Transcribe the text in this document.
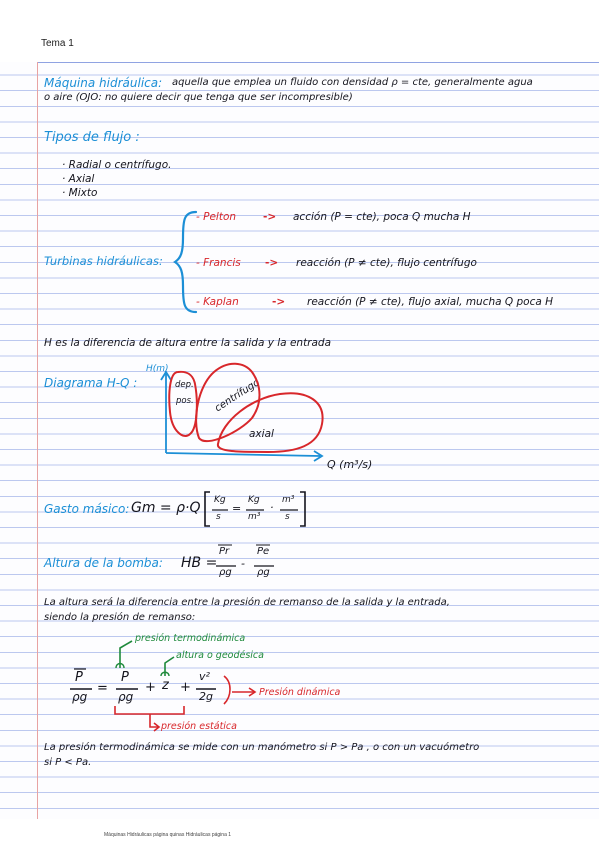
Tema 1
Máquina hidráulica: aquella que emplea un fluido con densidad ρ = cte, generalmente agua
o aire (OJO: no quiere decir que tenga que ser incompresible)
Tipos de flujo :
· Radial o centrífugo.
· Axial
· Mixto
Turbinas hidráulicas:
- Pelton	-> acción (P = cte), poca Q mucha H
- Francis -> reacción (P ≠ cte), flujo centrífugo
- Kaplan	-> reacción (P ≠ cte), flujo axial, mucha Q poca H
H es la diferencia de altura entre la salida y la entrada
Diagrama H-Q :
H(m)
Q (m³/s)
dep.
pos. centrífugo
axial
Gasto másico: Gm = ρ·Q Kg
s
=
Kg
m³
·
m³
s
Altura de la bomba: HB =
Pr
ρg
-
Pe
ρg
La altura será la diferencia entre la presión de remanso de la salida y la entrada,
siendo la presión de remanso:
presión termodinámica
altura o geodésica
P
ρg
=
P
ρg
+ z +
v²
2g	Presión dinámica
presión estática
La presión termodinámica se mide con un manómetro si P > Pa , o con un vacuómetro
si P < Pa.
Máquinas Hidráulicas página quinas Hidráulicas página 1
